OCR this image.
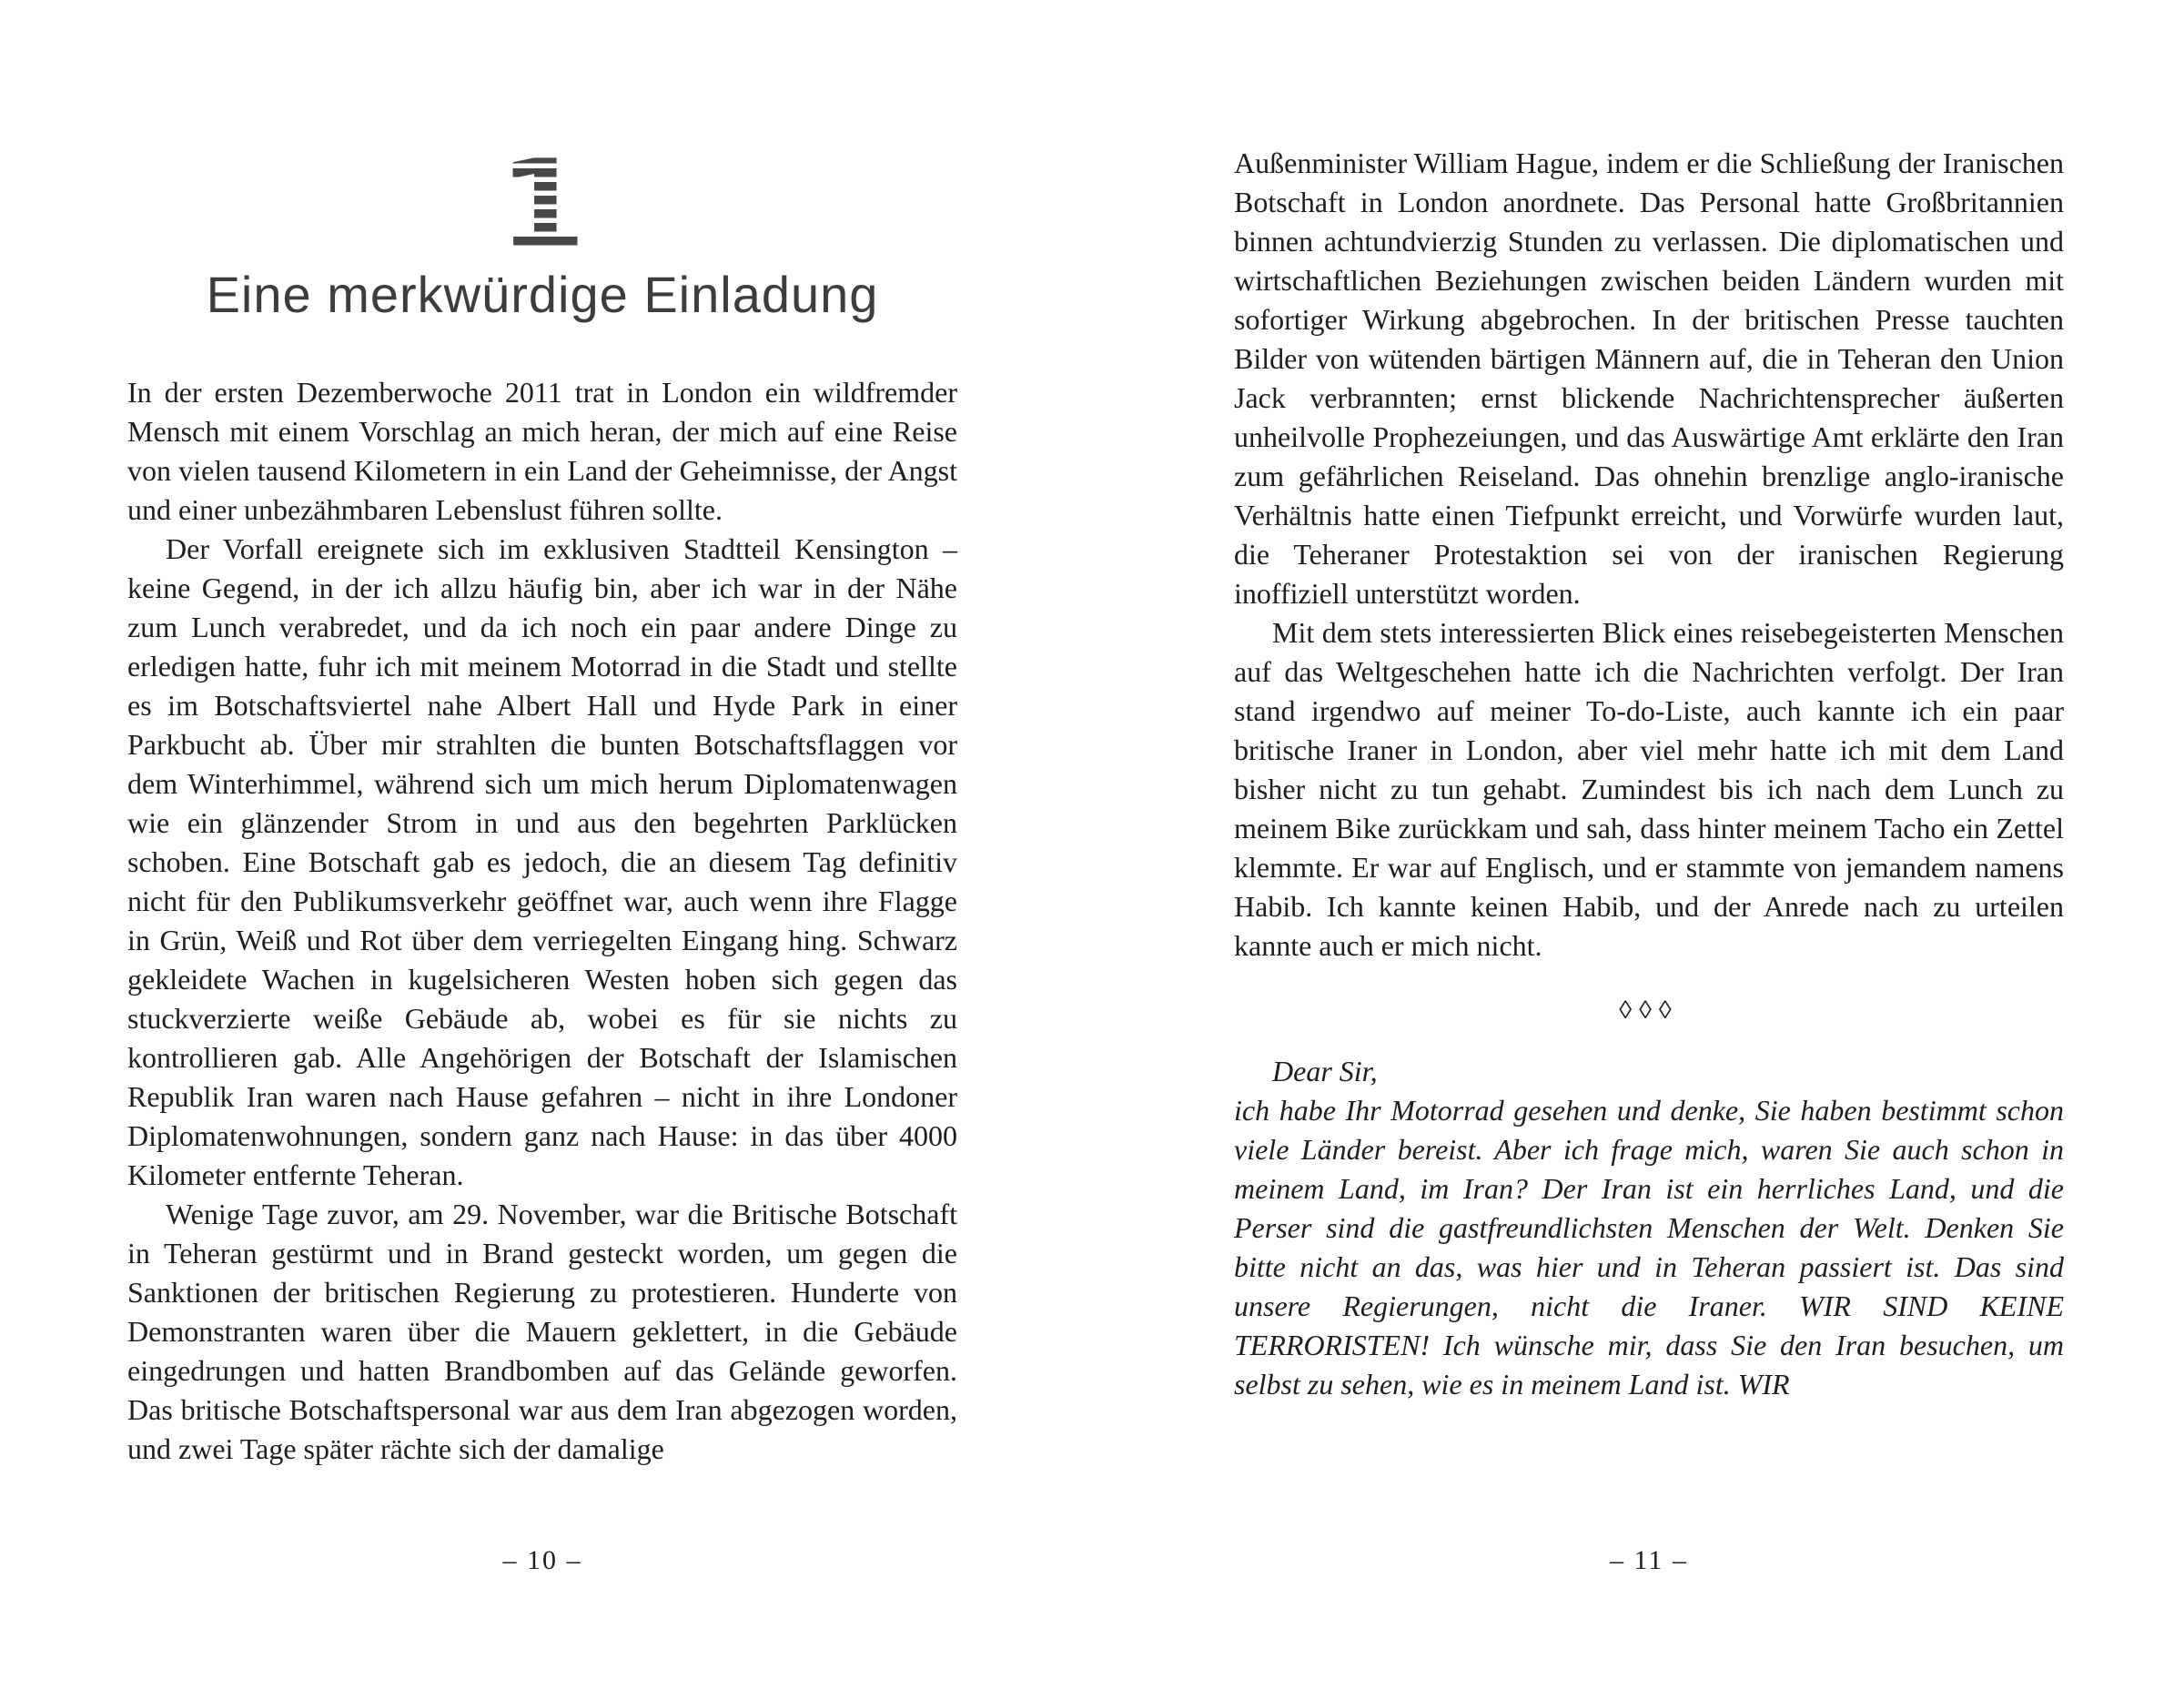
1
Eine merkwürdige Einladung

In der ersten Dezemberwoche 2011 trat in London ein wildfremder Mensch mit einem Vorschlag an mich heran, der mich auf eine Reise von vielen tausend Kilometern in ein Land der Geheimnisse, der Angst und einer unbezähmbaren Lebenslust führen sollte.

Der Vorfall ereignete sich im exklusiven Stadtteil Kensington – keine Gegend, in der ich allzu häufig bin, aber ich war in der Nähe zum Lunch verabredet, und da ich noch ein paar andere Dinge zu erledigen hatte, fuhr ich mit meinem Motorrad in die Stadt und stellte es im Botschaftsviertel nahe Albert Hall und Hyde Park in einer Parkbucht ab. Über mir strahlten die bunten Botschaftsflaggen vor dem Winterhimmel, während sich um mich herum Diplomatenwagen wie ein glänzender Strom in und aus den begehrten Parklücken schoben. Eine Botschaft gab es jedoch, die an diesem Tag definitiv nicht für den Publikumsverkehr geöffnet war, auch wenn ihre Flagge in Grün, Weiß und Rot über dem verriegelten Eingang hing. Schwarz gekleidete Wachen in kugelsicheren Westen hoben sich gegen das stuckverzierte weiße Gebäude ab, wobei es für sie nichts zu kontrollieren gab. Alle Angehörigen der Botschaft der Islamischen Republik Iran waren nach Hause gefahren – nicht in ihre Londoner Diplomatenwohnungen, sondern ganz nach Hause: in das über 4000 Kilometer entfernte Teheran.

Wenige Tage zuvor, am 29. November, war die Britische Botschaft in Teheran gestürmt und in Brand gesteckt worden, um gegen die Sanktionen der britischen Regierung zu protestieren. Hunderte von Demonstranten waren über die Mauern geklettert, in die Gebäude eingedrungen und hatten Brandbomben auf das Gelände geworfen. Das britische Botschaftspersonal war aus dem Iran abgezogen worden, und zwei Tage später rächte sich der damalige

– 10 –

Außenminister William Hague, indem er die Schließung der Iranischen Botschaft in London anordnete. Das Personal hatte Großbritannien binnen achtundvierzig Stunden zu verlassen. Die diplomatischen und wirtschaftlichen Beziehungen zwischen beiden Ländern wurden mit sofortiger Wirkung abgebrochen. In der britischen Presse tauchten Bilder von wütenden bärtigen Männern auf, die in Teheran den Union Jack verbrannten; ernst blickende Nachrichtensprecher äußerten unheilvolle Prophezeiungen, und das Auswärtige Amt erklärte den Iran zum gefährlichen Reiseland. Das ohnehin brenzlige anglo-iranische Verhältnis hatte einen Tiefpunkt erreicht, und Vorwürfe wurden laut, die Teheraner Protestaktion sei von der iranischen Regierung inoffiziell unterstützt worden.

Mit dem stets interessierten Blick eines reisebegeisterten Menschen auf das Weltgeschehen hatte ich die Nachrichten verfolgt. Der Iran stand irgendwo auf meiner To-do-Liste, auch kannte ich ein paar britische Iraner in London, aber viel mehr hatte ich mit dem Land bisher nicht zu tun gehabt. Zumindest bis ich nach dem Lunch zu meinem Bike zurückkam und sah, dass hinter meinem Tacho ein Zettel klemmte. Er war auf Englisch, und er stammte von jemandem namens Habib. Ich kannte keinen Habib, und der Anrede nach zu urteilen kannte auch er mich nicht.

◊◊◊

Dear Sir,

ich habe Ihr Motorrad gesehen und denke, Sie haben bestimmt schon viele Länder bereist. Aber ich frage mich, waren Sie auch schon in meinem Land, im Iran? Der Iran ist ein herrliches Land, und die Perser sind die gastfreundlichsten Menschen der Welt. Denken Sie bitte nicht an das, was hier und in Teheran passiert ist. Das sind unsere Regierungen, nicht die Iraner. WIR SIND KEINE TERRORISTEN! Ich wünsche mir, dass Sie den Iran besuchen, um selbst zu sehen, wie es in meinem Land ist. WIR

– 11 –
